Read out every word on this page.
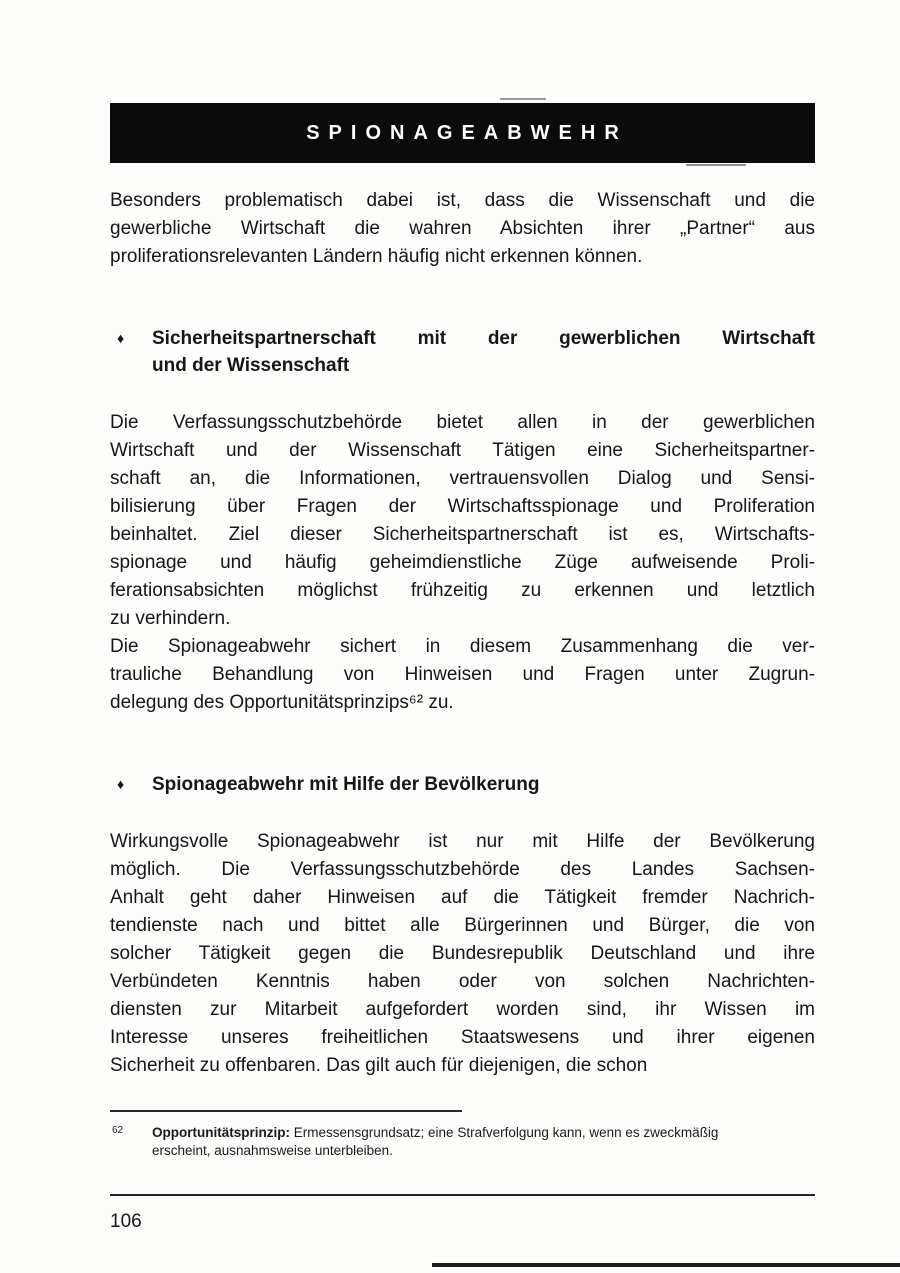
SPIONAGEABWEHR
Besonders problematisch dabei ist, dass die Wissenschaft und die
gewerbliche Wirtschaft die wahren Absichten ihrer „Partner“ aus
proliferationsrelevanten Ländern häufig nicht erkennen können.
♦	Sicherheitspartnerschaft mit der gewerblichen Wirtschaft
und der Wissenschaft
Die Verfassungsschutzbehörde bietet allen in der gewerblichen
Wirtschaft und der Wissenschaft Tätigen eine Sicherheitspartner-
schaft an, die Informationen, vertrauensvollen Dialog und Sensi-
bilisierung über Fragen der Wirtschaftsspionage und Proliferation
beinhaltet. Ziel dieser Sicherheitspartnerschaft ist es, Wirtschafts-
spionage und häufig geheimdienstliche Züge aufweisende Proli-
ferationsabsichten möglichst frühzeitig zu erkennen und letztlich
zu verhindern.
Die Spionageabwehr sichert in diesem Zusammenhang die ver-
trauliche Behandlung von Hinweisen und Fragen unter Zugrun-
delegung des Opportunitätsprinzips⁶² zu.
♦	Spionageabwehr mit Hilfe der Bevölkerung
Wirkungsvolle Spionageabwehr ist nur mit Hilfe der Bevölkerung
möglich. Die Verfassungsschutzbehörde des Landes Sachsen-
Anhalt geht daher Hinweisen auf die Tätigkeit fremder Nachrich-
tendienste nach und bittet alle Bürgerinnen und Bürger, die von
solcher Tätigkeit gegen die Bundesrepublik Deutschland und ihre
Verbündeten Kenntnis haben oder von solchen Nachrichten-
diensten zur Mitarbeit aufgefordert worden sind, ihr Wissen im
Interesse unseres freiheitlichen Staatswesens und ihrer eigenen
Sicherheit zu offenbaren. Das gilt auch für diejenigen, die schon
62	Opportunitätsprinzip: Ermessensgrundsatz; eine Strafverfolgung kann, wenn es zweckmäßig erscheint, ausnahmsweise unterbleiben.
106
